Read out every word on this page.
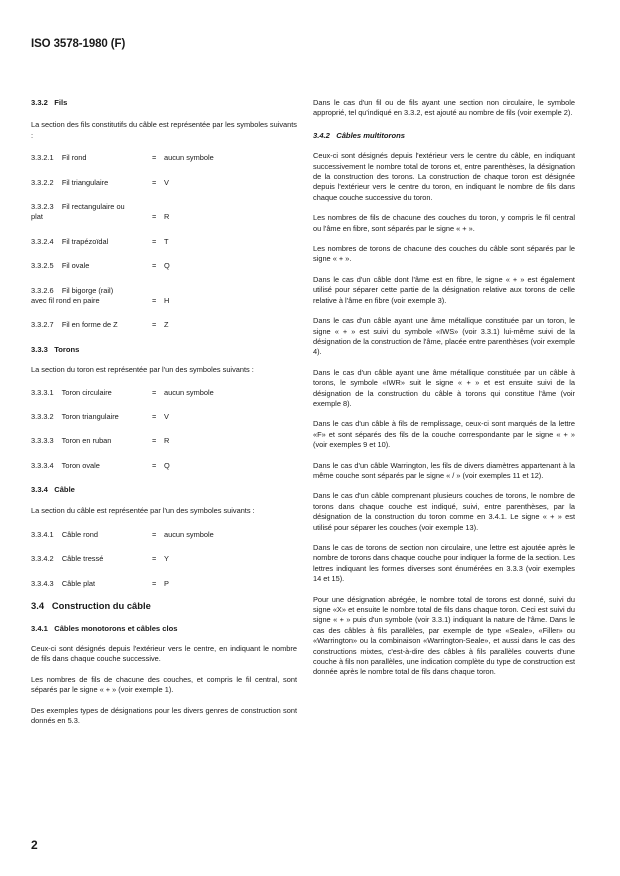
ISO 3578-1980 (F)

3.3.2   Fils

La section des fils constitutifs du câble est représentée par les symboles suivants :

3.3.2.1    Fil rond	= aucun symbole
3.3.2.2    Fil triangulaire	= V
3.3.2.3    Fil rectangulaire ou
plat	= R
3.3.2.4    Fil trapézoïdal	= T
3.3.2.5    Fil ovale	= Q
3.3.2.6    Fil bigorge (rail)
avec fil rond en paire	= H
3.3.2.7    Fil en forme de Z	= Z

3.3.3   Torons

La section du toron est représentée par l'un des symboles suivants :

3.3.3.1    Toron circulaire	= aucun symbole
3.3.3.2    Toron triangulaire	= V
3.3.3.3    Toron en ruban	= R
3.3.3.4    Toron ovale	= Q

3.3.4   Câble

La section du câble est représentée par l'un des symboles suivants :

3.3.4.1    Câble rond	= aucun symbole
3.3.4.2    Câble tressé	= Y
3.3.4.3    Câble plat	= P

3.4   Construction du câble

3.4.1   Câbles monotorons et câbles clos

Ceux-ci sont désignés depuis l'extérieur vers le centre, en indiquant le nombre de fils dans chaque couche successive.

Les nombres de fils de chacune des couches, et compris le fil central, sont séparés par le signe « + » (voir exemple 1).

Des exemples types de désignations pour les divers genres de construction sont donnés en 5.3.

Dans le cas d'un fil ou de fils ayant une section non circulaire, le symbole approprié, tel qu'indiqué en 3.3.2, est ajouté au nombre de fils (voir exemple 2).

3.4.2   Câbles multitorons

Ceux-ci sont désignés depuis l'extérieur vers le centre du câble, en indiquant successivement le nombre total de torons et, entre parenthèses, la désignation de la construction des torons. La construction de chaque toron est désignée depuis l'extérieur vers le centre du toron, en indiquant le nombre de fils dans chaque couche successive du toron.

Les nombres de fils de chacune des couches du toron, y compris le fil central ou l'âme en fibre, sont séparés par le signe « + ».

Les nombres de torons de chacune des couches du câble sont séparés par le signe « + ».

Dans le cas d'un câble dont l'âme est en fibre, le signe « + » est également utilisé pour séparer cette partie de la désignation relative aux torons de celle relative à l'âme en fibre (voir exemple 3).

Dans le cas d'un câble ayant une âme métallique constituée par un toron, le signe « + » est suivi du symbole «IWS» (voir 3.3.1) lui-même suivi de la désignation de la construction de l'âme, placée entre parenthèses (voir exemple 4).

Dans le cas d'un câble ayant une âme métallique constituée par un câble à torons, le symbole «IWR» suit le signe « + » et est ensuite suivi de la désignation de la construction du câble à torons qui constitue l'âme (voir exemple 8).

Dans le cas d'un câble à fils de remplissage, ceux-ci sont marqués de la lettre «F» et sont séparés des fils de la couche correspondante par le signe « + » (voir exemples 9 et 10).

Dans le cas d'un câble Warrington, les fils de divers diamètres appartenant à la même couche sont séparés par le signe « / » (voir exemples 11 et 12).

Dans le cas d'un câble comprenant plusieurs couches de torons, le nombre de torons dans chaque couche est indiqué, suivi, entre parenthèses, par la désignation de la construction du toron comme en 3.4.1. Le signe « + » est utilisé pour séparer les couches (voir exemple 13).

Dans le cas de torons de section non circulaire, une lettre est ajoutée après le nombre de torons dans chaque couche pour indiquer la forme de la section. Les lettres indiquant les formes diverses sont énumérées en 3.3.3 (voir exemples 14 et 15).

Pour une désignation abrégée, le nombre total de torons est donné, suivi du signe «X» et ensuite le nombre total de fils dans chaque toron. Ceci est suivi du signe « + » puis d'un symbole (voir 3.3.1) indiquant la nature de l'âme. Dans le cas des câbles à fils parallèles, par exemple de type «Seale», «Filler» ou «Warrington» ou la combinaison «Warrington-Seale», et aussi dans le cas des constructions mixtes, c'est-à-dire des câbles à fils parallèles couverts d'une couche à fils non parallèles, une indication complète du type de construction est donnée après le nombre total de fils dans chaque toron.

2
